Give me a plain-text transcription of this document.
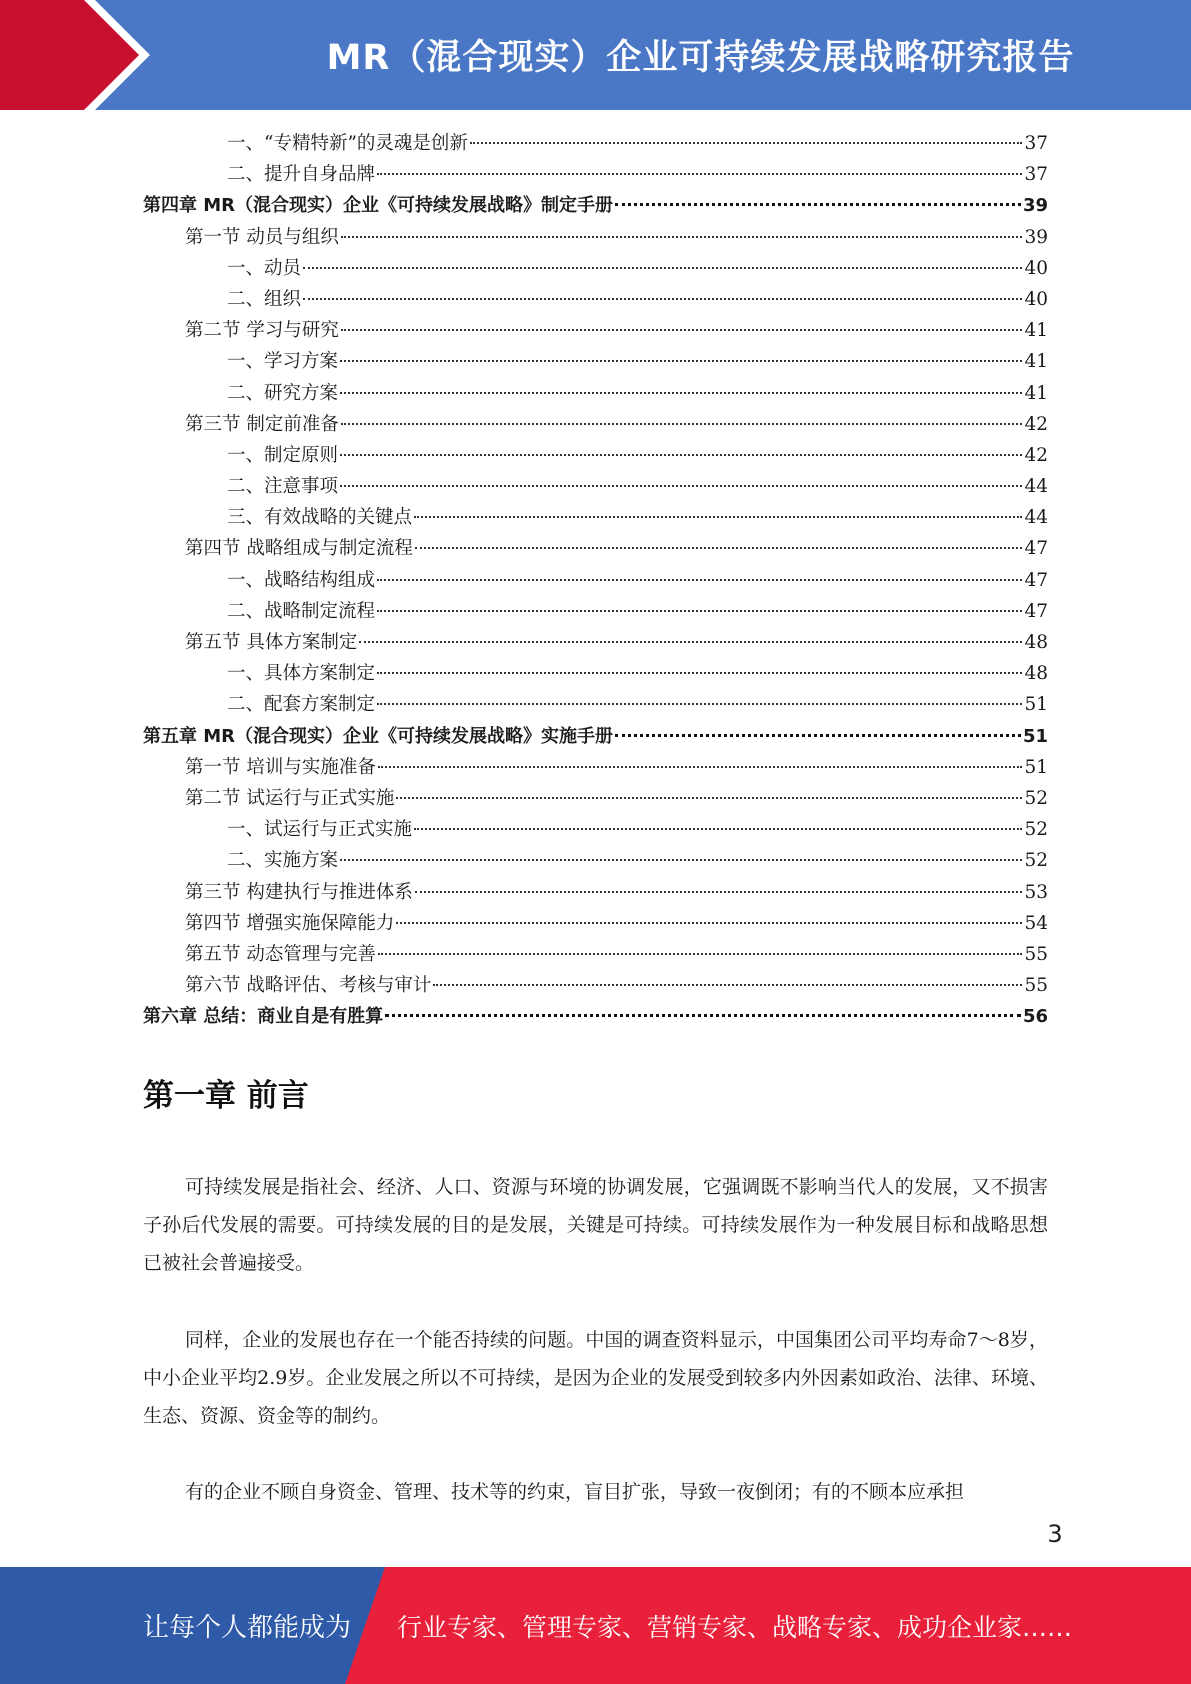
MR（混合现实）企业可持续发展战略研究报告
一、“专精特新”的灵魂是创新	37
二、提升自身品牌	37
第四章 MR（混合现实）企业《可持续发展战略》制定手册	39
第一节 动员与组织	39
一、动员	40
二、组织	40
第二节 学习与研究	41
一、学习方案	41
二、研究方案	41
第三节 制定前准备	42
一、制定原则	42
二、注意事项	44
三、有效战略的关键点	44
第四节 战略组成与制定流程	47
一、战略结构组成	47
二、战略制定流程	47
第五节 具体方案制定	48
一、具体方案制定	48
二、配套方案制定	51
第五章 MR（混合现实）企业《可持续发展战略》实施手册	51
第一节 培训与实施准备	51
第二节 试运行与正式实施	52
一、试运行与正式实施	52
二、实施方案	52
第三节 构建执行与推进体系	53
第四节 增强实施保障能力	54
第五节 动态管理与完善	55
第六节 战略评估、考核与审计	55
第六章 总结：商业自是有胜算	56
第一章 前言

可持续发展是指社会、经济、人口、资源与环境的协调发展，它强调既不影响当代人的发展，又不损害子孙后代发展的需要。可持续发展的目的是发展，关键是可持续。可持续发展作为一种发展目标和战略思想已被社会普遍接受。

同样，企业的发展也存在一个能否持续的问题。中国的调查资料显示，中国集团公司平均寿命7～8岁，中小企业平均2.9岁。企业发展之所以不可持续，是因为企业的发展受到较多内外因素如政治、法律、环境、生态、资源、资金等的制约。

有的企业不顾自身资金、管理、技术等的约束，盲目扩张，导致一夜倒闭；有的不顾本应承担

3
让每个人都能成为 行业专家、管理专家、营销专家、战略专家、成功企业家……
